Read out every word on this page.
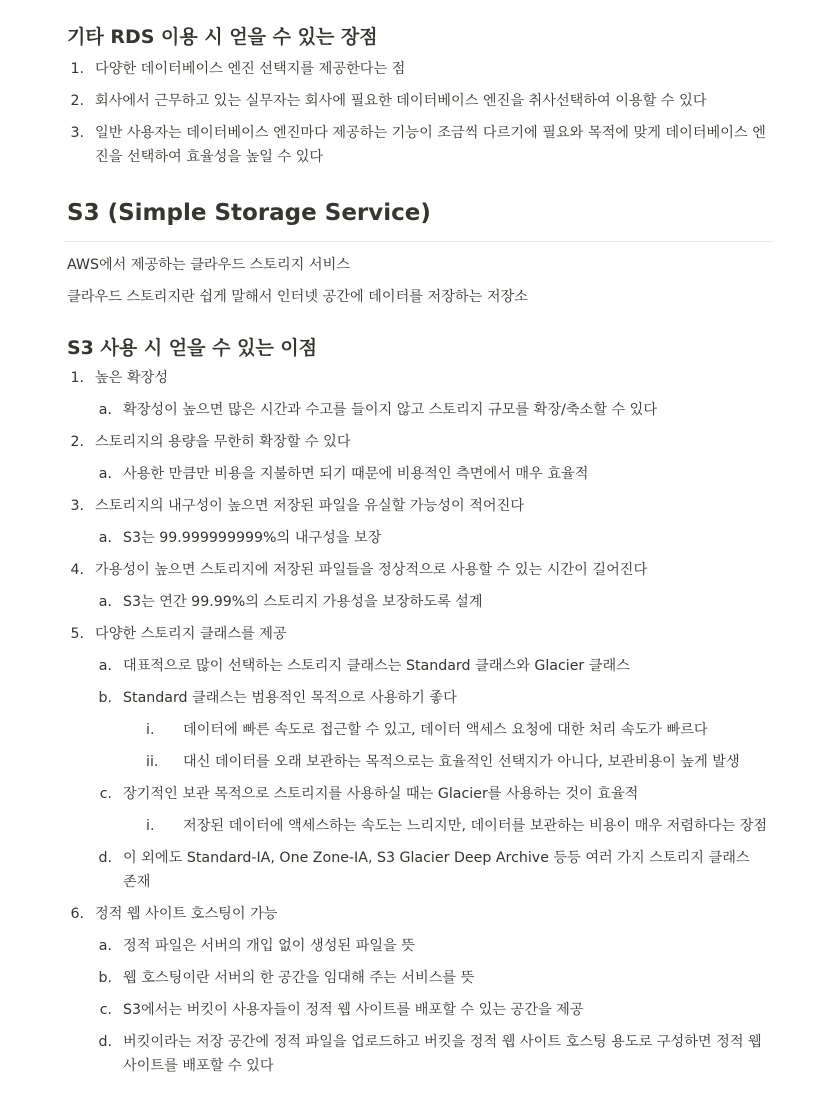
기타 RDS 이용 시 얻을 수 있는 장점
1. 다양한 데이터베이스 엔진 선택지를 제공한다는 점
2. 회사에서 근무하고 있는 실무자는 회사에 필요한 데이터베이스 엔진을 취사선택하여 이용할 수 있다
3. 일반 사용자는 데이터베이스 엔진마다 제공하는 기능이 조금씩 다르기에 필요와 목적에 맞게 데이터베이스 엔
진을 선택하여 효율성을 높일 수 있다
S3 (Simple Storage Service)
AWS에서 제공하는 클라우드 스토리지 서비스
클라우드 스토리지란 쉽게 말해서 인터넷 공간에 데이터를 저장하는 저장소
S3 사용 시 얻을 수 있는 이점
1. 높은 확장성
a. 확장성이 높으면 많은 시간과 수고를 들이지 않고 스토리지 규모를 확장/축소할 수 있다
2. 스토리지의 용량을 무한히 확장할 수 있다
a. 사용한 만큼만 비용을 지불하면 되기 때문에 비용적인 측면에서 매우 효율적
3. 스토리지의 내구성이 높으면 저장된 파일을 유실할 가능성이 적어진다
a. S3는 99.999999999%의 내구성을 보장
4. 가용성이 높으면 스토리지에 저장된 파일들을 정상적으로 사용할 수 있는 시간이 길어진다
a. S3는 연간 99.99%의 스토리지 가용성을 보장하도록 설계
5. 다양한 스토리지 클래스를 제공
a. 대표적으로 많이 선택하는 스토리지 클래스는 Standard 클래스와 Glacier 클래스
b. Standard 클래스는 범용적인 목적으로 사용하기 좋다
i. 데이터에 빠른 속도로 접근할 수 있고, 데이터 액세스 요청에 대한 처리 속도가 빠르다
ii. 대신 데이터를 오래 보관하는 목적으로는 효율적인 선택지가 아니다, 보관비용이 높게 발생
c. 장기적인 보관 목적으로 스토리지를 사용하실 때는 Glacier를 사용하는 것이 효율적
i. 저장된 데이터에 액세스하는 속도는 느리지만, 데이터를 보관하는 비용이 매우 저렴하다는 장점
d. 이 외에도 Standard-IA, One Zone-IA, S3 Glacier Deep Archive 등등 여러 가지 스토리지 클래스
존재
6. 정적 웹 사이트 호스팅이 가능
a. 정적 파일은 서버의 개입 없이 생성된 파일을 뜻
b. 웹 호스팅이란 서버의 한 공간을 임대해 주는 서비스를 뜻
c. S3에서는 버킷이 사용자들이 정적 웹 사이트를 배포할 수 있는 공간을 제공
d. 버킷이라는 저장 공간에 정적 파일을 업로드하고 버킷을 정적 웹 사이트 호스팅 용도로 구성하면 정적 웹
사이트를 배포할 수 있다
